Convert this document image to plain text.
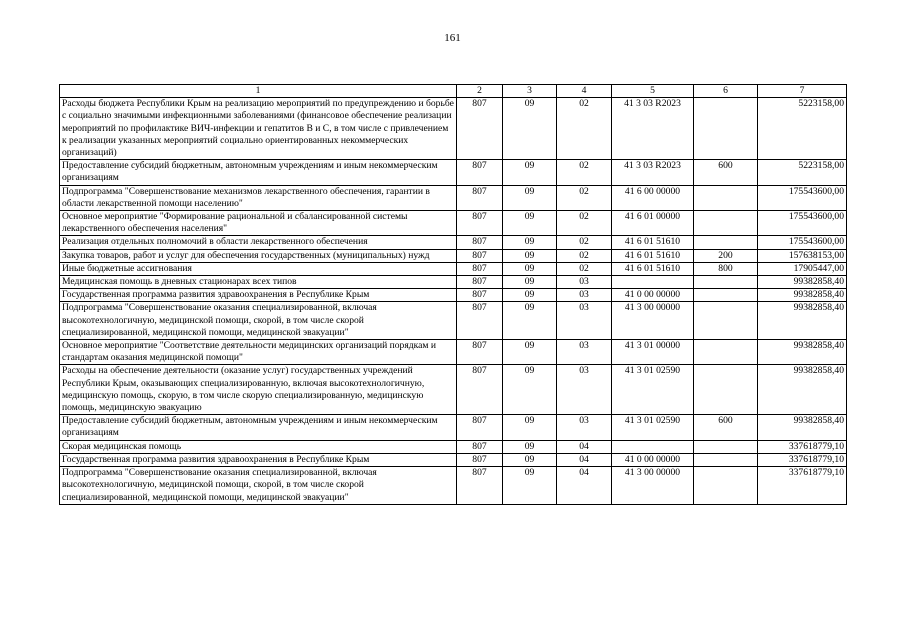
161
1	2	3	4	5	6	7
Расходы бюджета Республики Крым на реализацию мероприятий по предупреждению и борьбе с социально значимыми инфекционными заболеваниями (финансовое обеспечение реализации мероприятий по профилактике ВИЧ-инфекции и гепатитов В и С, в том числе с привлечением к реализации указанных мероприятий социально ориентированных некоммерческих организаций)	807	09	02	41 3 03 R2023		5223158,00
Предоставление субсидий бюджетным, автономным учреждениям и иным некоммерческим организациям	807	09	02	41 3 03 R2023	600	5223158,00
Подпрограмма "Совершенствование механизмов лекарственного обеспечения, гарантии в области лекарственной помощи населению"	807	09	02	41 6 00 00000		175543600,00
Основное мероприятие "Формирование рациональной и сбалансированной системы лекарственного обеспечения населения"	807	09	02	41 6 01 00000		175543600,00
Реализация отдельных полномочий в области лекарственного обеспечения	807	09	02	41 6 01 51610		175543600,00
Закупка товаров, работ и услуг для обеспечения государственных (муниципальных) нужд	807	09	02	41 6 01 51610	200	157638153,00
Иные бюджетные ассигнования	807	09	02	41 6 01 51610	800	17905447,00
Медицинская помощь в дневных стационарах всех типов	807	09	03			99382858,40
Государственная программа развития здравоохранения в Республике Крым	807	09	03	41 0 00 00000		99382858,40
Подпрограмма "Совершенствование оказания специализированной, включая высокотехнологичную, медицинской помощи, скорой, в том числе скорой специализированной, медицинской помощи, медицинской эвакуации"	807	09	03	41 3 00 00000		99382858,40
Основное мероприятие "Соответствие деятельности медицинских организаций порядкам и стандартам оказания медицинской помощи"	807	09	03	41 3 01 00000		99382858,40
Расходы на обеспечение деятельности (оказание услуг) государственных учреждений Республики Крым, оказывающих специализированную, включая высокотехнологичную, медицинскую помощь, скорую, в том числе скорую специализированную, медицинскую помощь, медицинскую эвакуацию	807	09	03	41 3 01 02590		99382858,40
Предоставление субсидий бюджетным, автономным учреждениям и иным некоммерческим организациям	807	09	03	41 3 01 02590	600	99382858,40
Скорая медицинская помощь	807	09	04			337618779,10
Государственная программа развития здравоохранения в Республике Крым	807	09	04	41 0 00 00000		337618779,10
Подпрограмма "Совершенствование оказания специализированной, включая высокотехнологичную, медицинской помощи, скорой, в том числе скорой специализированной, медицинской помощи, медицинской эвакуации"	807	09	04	41 3 00 00000		337618779,10
